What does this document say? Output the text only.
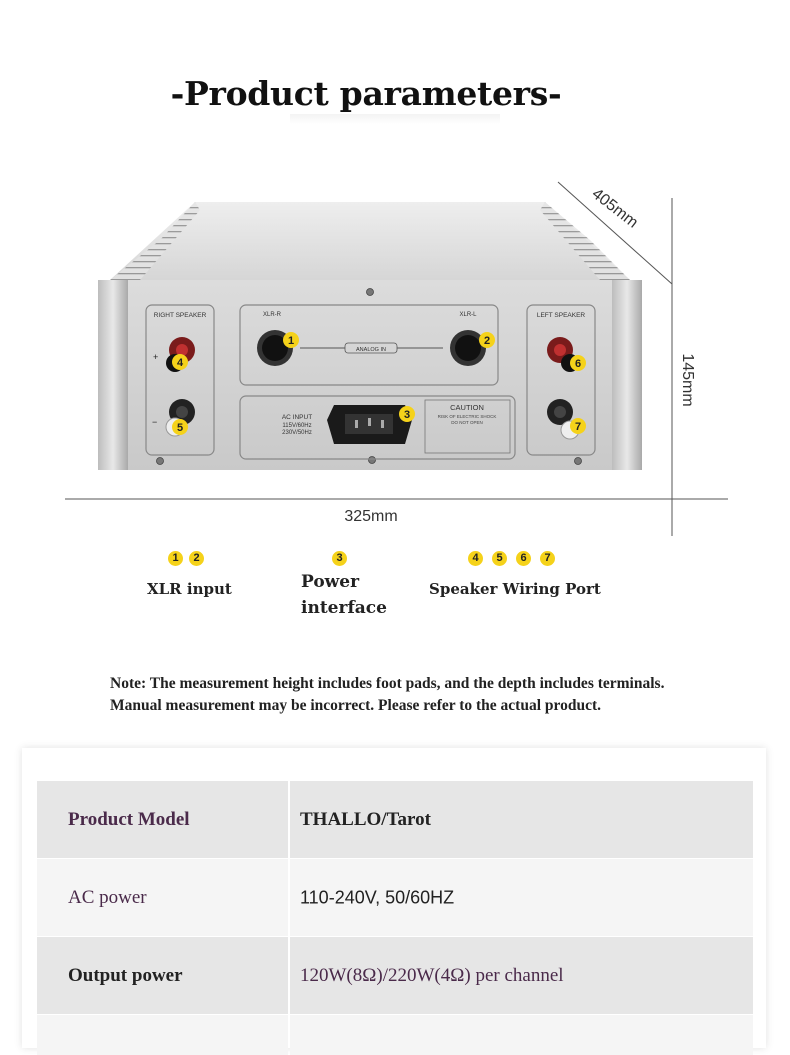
-Product parameters-
RIGHT SPEAKER
+
−
XLR-R	XLR-L
ANALOG IN
AC INPUT
115V/60Hz
230V/50Hz
CAUTION
RISK OF ELECTRIC SHOCK
DO NOT OPEN
LEFT SPEAKER
1	2
3
4
5
6
7
405mm
145mm
325mm
1 2
XLR input
3
Power
interface
4 5 6 7
Speaker Wiring Port
Note: The measurement height includes foot pads, and the depth includes terminals. Manual measurement may be incorrect. Please refer to the actual product.
Product Model	THALLO/Tarot
AC power	110-240V, 50/60HZ
Output power	120W(8Ω)/220W(4Ω) per channel
